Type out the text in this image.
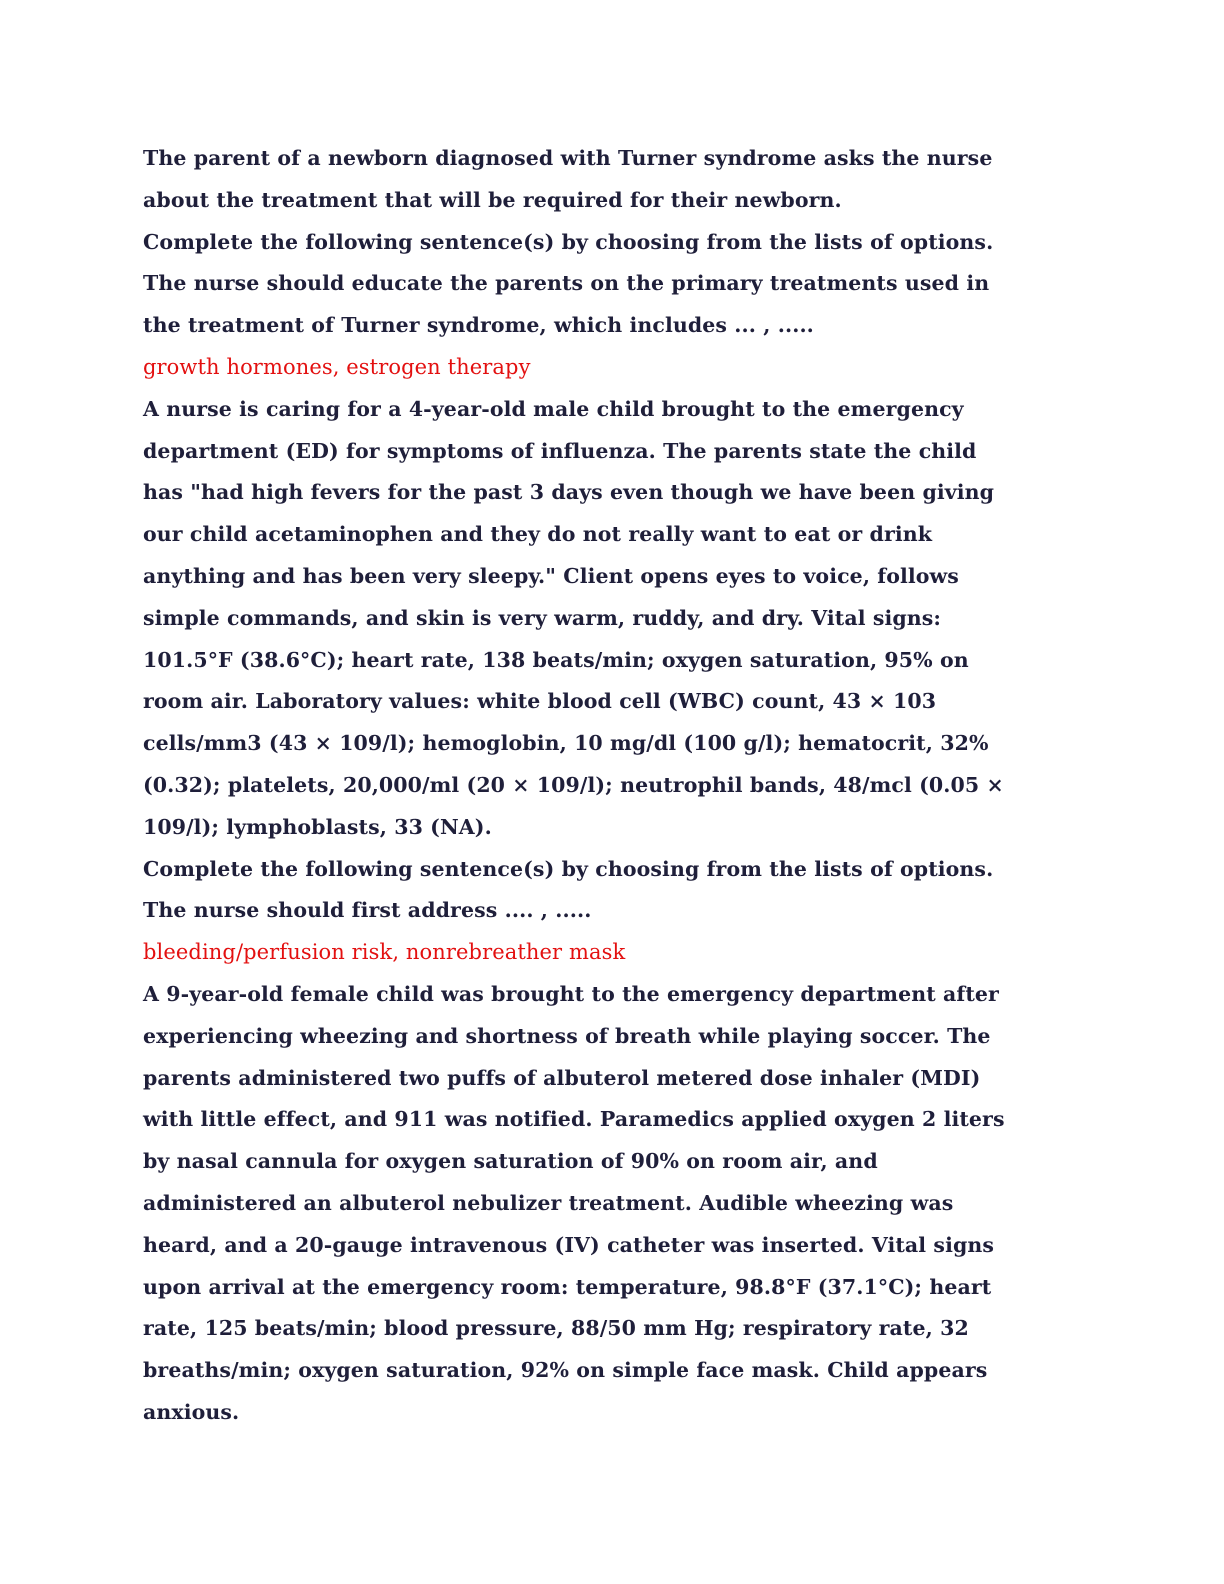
The parent of a newborn diagnosed with Turner syndrome asks the nurse
about the treatment that will be required for their newborn.
Complete the following sentence(s) by choosing from the lists of options.
The nurse should educate the parents on the primary treatments used in
the treatment of Turner syndrome, which includes ... , .....
growth hormones, estrogen therapy
A nurse is caring for a 4-year-old male child brought to the emergency
department (ED) for symptoms of influenza. The parents state the child
has "had high fevers for the past 3 days even though we have been giving
our child acetaminophen and they do not really want to eat or drink
anything and has been very sleepy." Client opens eyes to voice, follows
simple commands, and skin is very warm, ruddy, and dry. Vital signs:
101.5°F (38.6°C); heart rate, 138 beats/min; oxygen saturation, 95% on
room air. Laboratory values: white blood cell (WBC) count, 43 × 103
cells/mm3 (43 × 109/l); hemoglobin, 10 mg/dl (100 g/l); hematocrit, 32%
(0.32); platelets, 20,000/ml (20 × 109/l); neutrophil bands, 48/mcl (0.05 ×
109/l); lymphoblasts, 33 (NA).
Complete the following sentence(s) by choosing from the lists of options.
The nurse should first address .... , .....
bleeding/perfusion risk, nonrebreather mask
A 9-year-old female child was brought to the emergency department after
experiencing wheezing and shortness of breath while playing soccer. The
parents administered two puffs of albuterol metered dose inhaler (MDI)
with little effect, and 911 was notified. Paramedics applied oxygen 2 liters
by nasal cannula for oxygen saturation of 90% on room air, and
administered an albuterol nebulizer treatment. Audible wheezing was
heard, and a 20-gauge intravenous (IV) catheter was inserted. Vital signs
upon arrival at the emergency room: temperature, 98.8°F (37.1°C); heart
rate, 125 beats/min; blood pressure, 88/50 mm Hg; respiratory rate, 32
breaths/min; oxygen saturation, 92% on simple face mask. Child appears
anxious.
